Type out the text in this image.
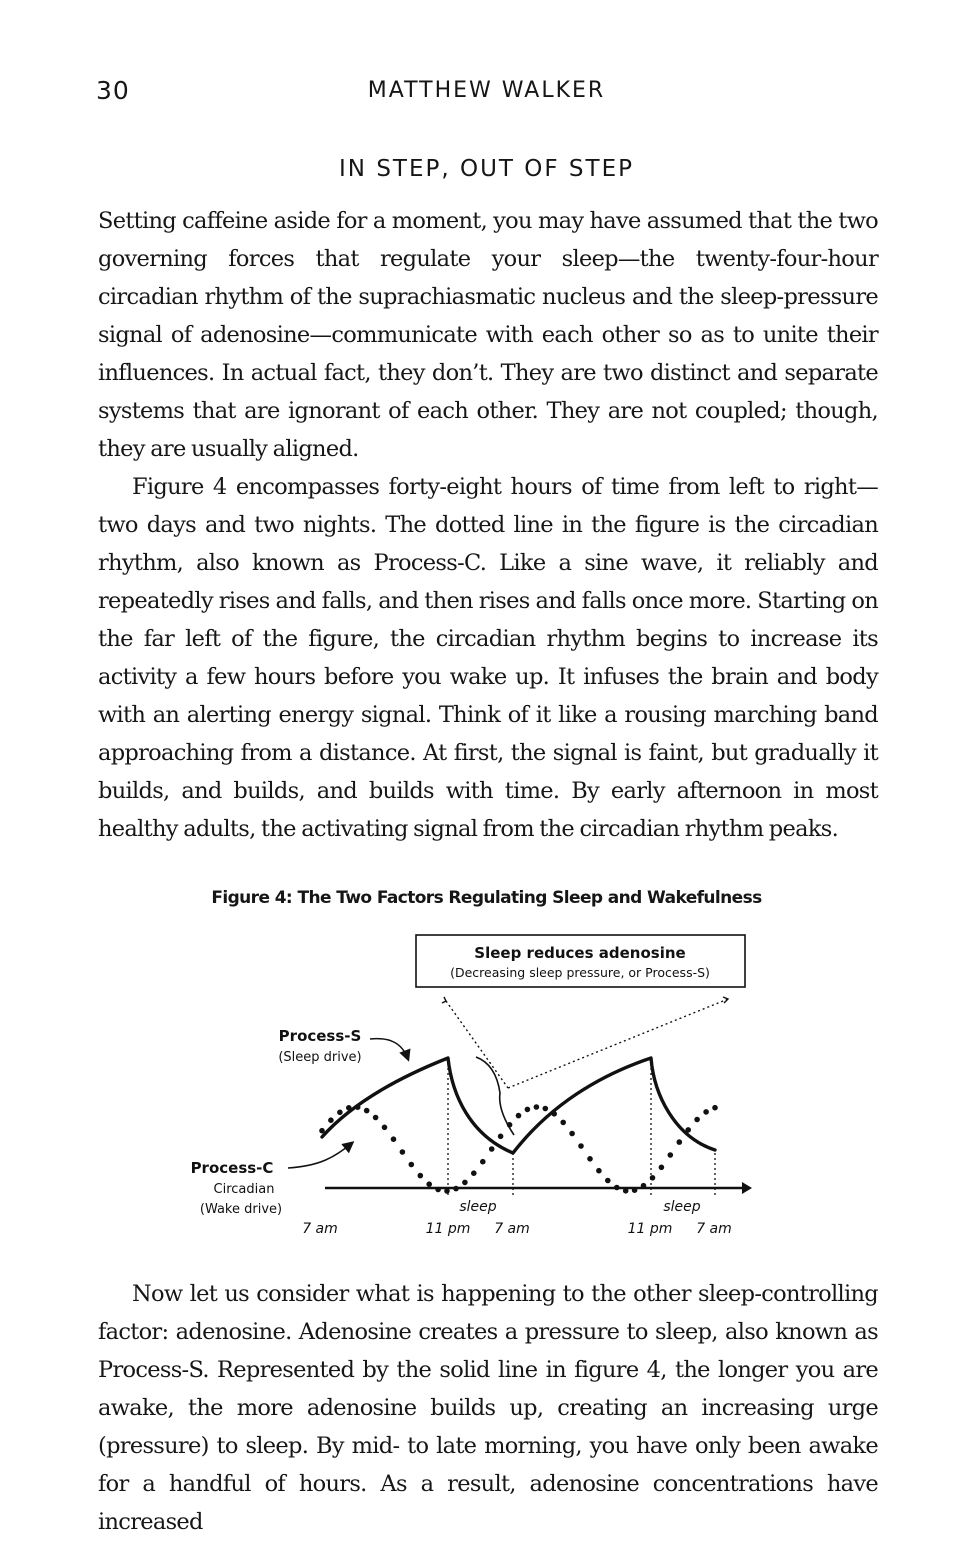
30	MATTHEW WALKER
IN STEP, OUT OF STEP

Setting caffeine aside for a moment, you may have assumed that the two governing forces that regulate your sleep—the twenty-four-hour circadian rhythm of the suprachiasmatic nucleus and the sleep-pressure signal of adenosine—communicate with each other so as to unite their influences. In actual fact, they don’t. They are two distinct and separate systems that are ignorant of each other. They are not coupled; though, they are usually aligned.

Figure 4 encompasses forty-eight hours of time from left to right—two days and two nights. The dotted line in the figure is the circadian rhythm, also known as Process-C. Like a sine wave, it reliably and repeatedly rises and falls, and then rises and falls once more. Starting on the far left of the figure, the circadian rhythm begins to increase its activity a few hours before you wake up. It infuses the brain and body with an alerting energy signal. Think of it like a rousing marching band approaching from a distance. At first, the signal is faint, but gradually it builds, and builds, and builds with time. By early afternoon in most healthy adults, the activating signal from the circadian rhythm peaks.

Figure 4: The Two Factors Regulating Sleep and Wakefulness
Sleep reduces adenosine
(Decreasing sleep pressure, or Process-S)
Process-S
(Sleep drive)
Process-C
Circadian
(Wake drive)	sleep	sleep
7 am	11 pm 7 am	11 pm 7 am

Now let us consider what is happening to the other sleep-controlling factor: adenosine. Adenosine creates a pressure to sleep, also known as Process-S. Represented by the solid line in figure 4, the longer you are awake, the more adenosine builds up, creating an increasing urge (pressure) to sleep. By mid- to late morning, you have only been awake for a handful of hours. As a result, adenosine concentrations have increased
